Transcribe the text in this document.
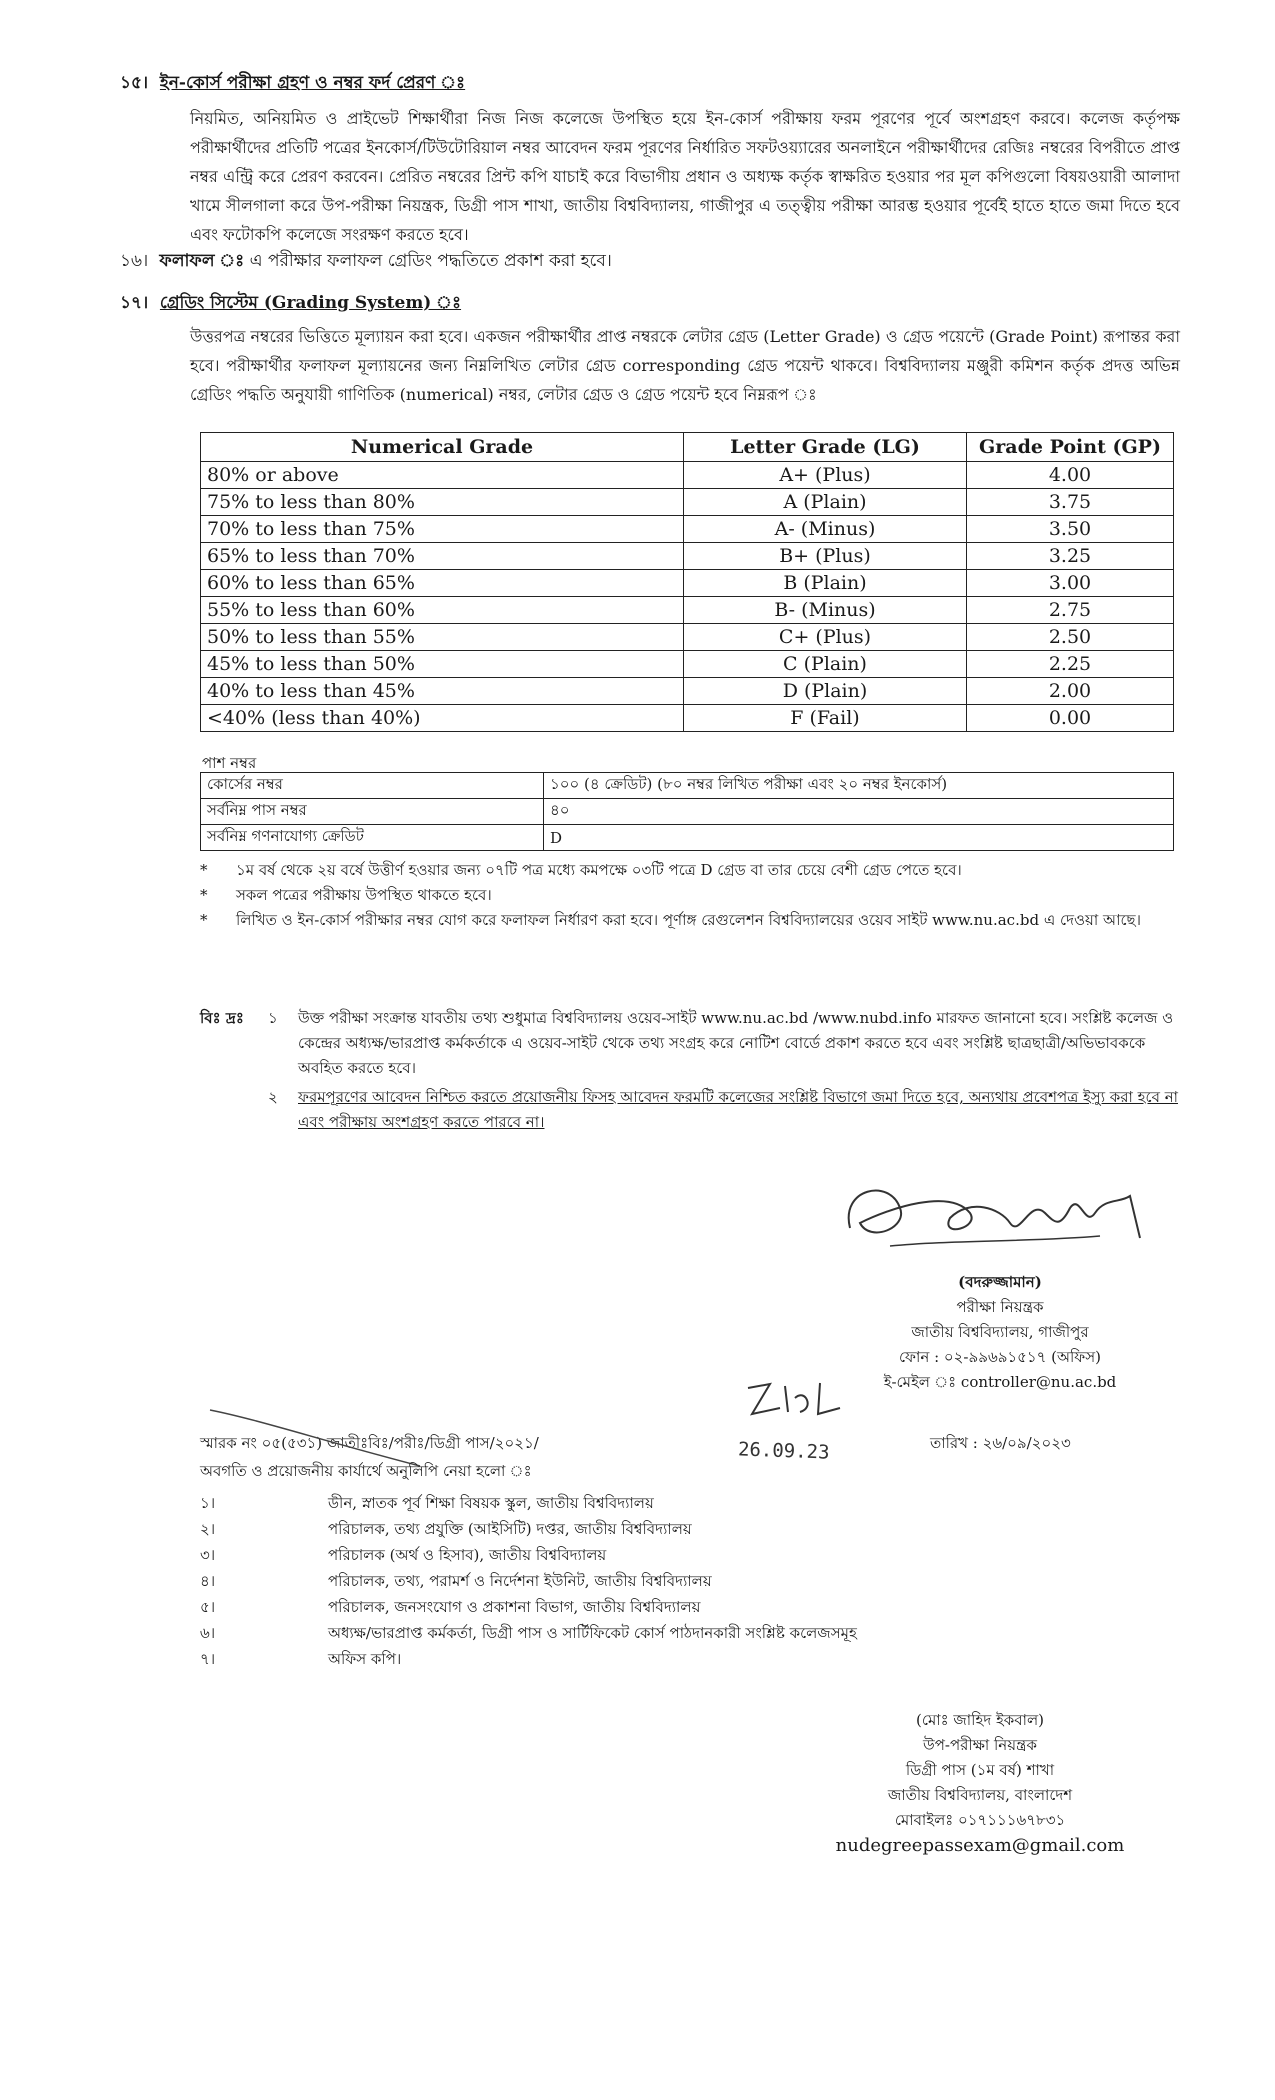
১৫। ইন-কোর্স পরীক্ষা গ্রহণ ও নম্বর ফর্দ প্রেরণ ঃ
নিয়মিত, অনিয়মিত ও প্রাইভেট শিক্ষার্থীরা নিজ নিজ কলেজে উপস্থিত হয়ে ইন-কোর্স পরীক্ষায় ফরম পূরণের পূর্বে অংশগ্রহণ করবে। কলেজ কর্তৃপক্ষ পরীক্ষার্থীদের প্রতিটি পত্রের ইনকোর্স/টিউটোরিয়াল নম্বর আবেদন ফরম পূরণের নির্ধারিত সফটওয়্যারের অনলাইনে পরীক্ষার্থীদের রেজিঃ নম্বরের বিপরীতে প্রাপ্ত নম্বর এন্ট্রি করে প্রেরণ করবেন। প্রেরিত নম্বরের প্রিন্ট কপি যাচাই করে বিভাগীয় প্রধান ও অধ্যক্ষ কর্তৃক স্বাক্ষরিত হওয়ার পর মূল কপিগুলো বিষয়ওয়ারী আলাদা খামে সীলগালা করে উপ-পরীক্ষা নিয়ন্ত্রক, ডিগ্রী পাস শাখা, জাতীয় বিশ্ববিদ্যালয়, গাজীপুর এ তত্ত্বীয় পরীক্ষা আরম্ভ হওয়ার পূর্বেই হাতে হাতে জমা দিতে হবে এবং ফটোকপি কলেজে সংরক্ষণ করতে হবে।
১৬। ফলাফল ঃ এ পরীক্ষার ফলাফল গ্রেডিং পদ্ধতিতে প্রকাশ করা হবে।
১৭। গ্রেডিং সিস্টেম (Grading System) ঃ
উত্তরপত্র নম্বরের ভিত্তিতে মূল্যায়ন করা হবে। একজন পরীক্ষার্থীর প্রাপ্ত নম্বরকে লেটার গ্রেড (Letter Grade) ও গ্রেড পয়েন্টে (Grade Point) রূপান্তর করা হবে। পরীক্ষার্থীর ফলাফল মূল্যায়নের জন্য নিম্নলিখিত লেটার গ্রেড corresponding গ্রেড পয়েন্ট থাকবে। বিশ্ববিদ্যালয় মঞ্জুরী কমিশন কর্তৃক প্রদত্ত অভিন্ন গ্রেডিং পদ্ধতি অনুযায়ী গাণিতিক (numerical) নম্বর, লেটার গ্রেড ও গ্রেড পয়েন্ট হবে নিম্নরূপ ঃ
Numerical Grade	Letter Grade (LG)	Grade Point (GP)
80% or above	A+ (Plus)	4.00
75% to less than 80%	A (Plain)	3.75
70% to less than 75%	A- (Minus)	3.50
65% to less than 70%	B+ (Plus)	3.25
60% to less than 65%	B (Plain)	3.00
55% to less than 60%	B- (Minus)	2.75
50% to less than 55%	C+ (Plus)	2.50
45% to less than 50%	C (Plain)	2.25
40% to less than 45%	D (Plain)	2.00
<40% (less than 40%)	F (Fail)	0.00
পাশ নম্বর
কোর্সের নম্বর	১০০ (৪ ক্রেডিট) (৮০ নম্বর লিখিত পরীক্ষা এবং ২০ নম্বর ইনকোর্স)
সর্বনিম্ন পাস নম্বর	৪০
সর্বনিম্ন গণনাযোগ্য ক্রেডিট	D
*	১ম বর্ষ থেকে ২য় বর্ষে উত্তীর্ণ হওয়ার জন্য ০৭টি পত্র মধ্যে কমপক্ষে ০৩টি পত্রে D গ্রেড বা তার চেয়ে বেশী গ্রেড পেতে হবে।
*	সকল পত্রের পরীক্ষায় উপস্থিত থাকতে হবে।
*	লিখিত ও ইন-কোর্স পরীক্ষার নম্বর যোগ করে ফলাফল নির্ধারণ করা হবে। পূর্ণাঙ্গ রেগুলেশন বিশ্ববিদ্যালয়ের ওয়েব সাইট www.nu.ac.bd এ দেওয়া আছে।
বিঃ দ্রঃ	১	উক্ত পরীক্ষা সংক্রান্ত যাবতীয় তথ্য শুধুমাত্র বিশ্ববিদ্যালয় ওয়েব-সাইট www.nu.ac.bd /www.nubd.info মারফত জানানো হবে। সংশ্লিষ্ট কলেজ ও কেন্দ্রের অধ্যক্ষ/ভারপ্রাপ্ত কর্মকর্তাকে এ ওয়েব-সাইট থেকে তথ্য সংগ্রহ করে নোটিশ বোর্ডে প্রকাশ করতে হবে এবং সংশ্লিষ্ট ছাত্রছাত্রী/অভিভাবককে অবহিত করতে হবে।
২	ফরমপূরণের আবেদন নিশ্চিত করতে প্রয়োজনীয় ফিসহ আবেদন ফরমটি কলেজের সংশ্লিষ্ট বিভাগে জমা দিতে হবে, অন্যথায় প্রবেশপত্র ইস্যু করা হবে না এবং পরীক্ষায় অংশগ্রহণ করতে পারবে না।
(বদরুজ্জামান)
পরীক্ষা নিয়ন্ত্রক
জাতীয় বিশ্ববিদ্যালয়, গাজীপুর
ফোন : ০২-৯৯৬৯১৫১৭ (অফিস)
ই-মেইল ঃ controller@nu.ac.bd
স্মারক নং ০৫(৫৩১) জাতীঃবিঃ/পরীঃ/ডিগ্রী পাস/২০২১/	26.09.23	তারিখ : ২৬/০৯/২০২৩
অবগতি ও প্রয়োজনীয় কার্যার্থে অনুলিপি নেয়া হলো ঃ
১।	ডীন, স্নাতক পূর্ব শিক্ষা বিষয়ক স্কুল, জাতীয় বিশ্ববিদ্যালয়
২।	পরিচালক, তথ্য প্রযুক্তি (আইসিটি) দপ্তর, জাতীয় বিশ্ববিদ্যালয়
৩।	পরিচালক (অর্থ ও হিসাব), জাতীয় বিশ্ববিদ্যালয়
৪।	পরিচালক, তথ্য, পরামর্শ ও নির্দেশনা ইউনিট, জাতীয় বিশ্ববিদ্যালয়
৫।	পরিচালক, জনসংযোগ ও প্রকাশনা বিভাগ, জাতীয় বিশ্ববিদ্যালয়
৬।	অধ্যক্ষ/ভারপ্রাপ্ত কর্মকর্তা, ডিগ্রী পাস ও সার্টিফিকেট কোর্স পাঠদানকারী সংশ্লিষ্ট কলেজসমূহ
৭।	অফিস কপি।
(মোঃ জাহিদ ইকবাল)
উপ-পরীক্ষা নিয়ন্ত্রক
ডিগ্রী পাস (১ম বর্ষ) শাখা
জাতীয় বিশ্ববিদ্যালয়, বাংলাদেশ
মোবাইলঃ ০১৭১১১৬৭৮৩১
nudegreepassexam@gmail.com
